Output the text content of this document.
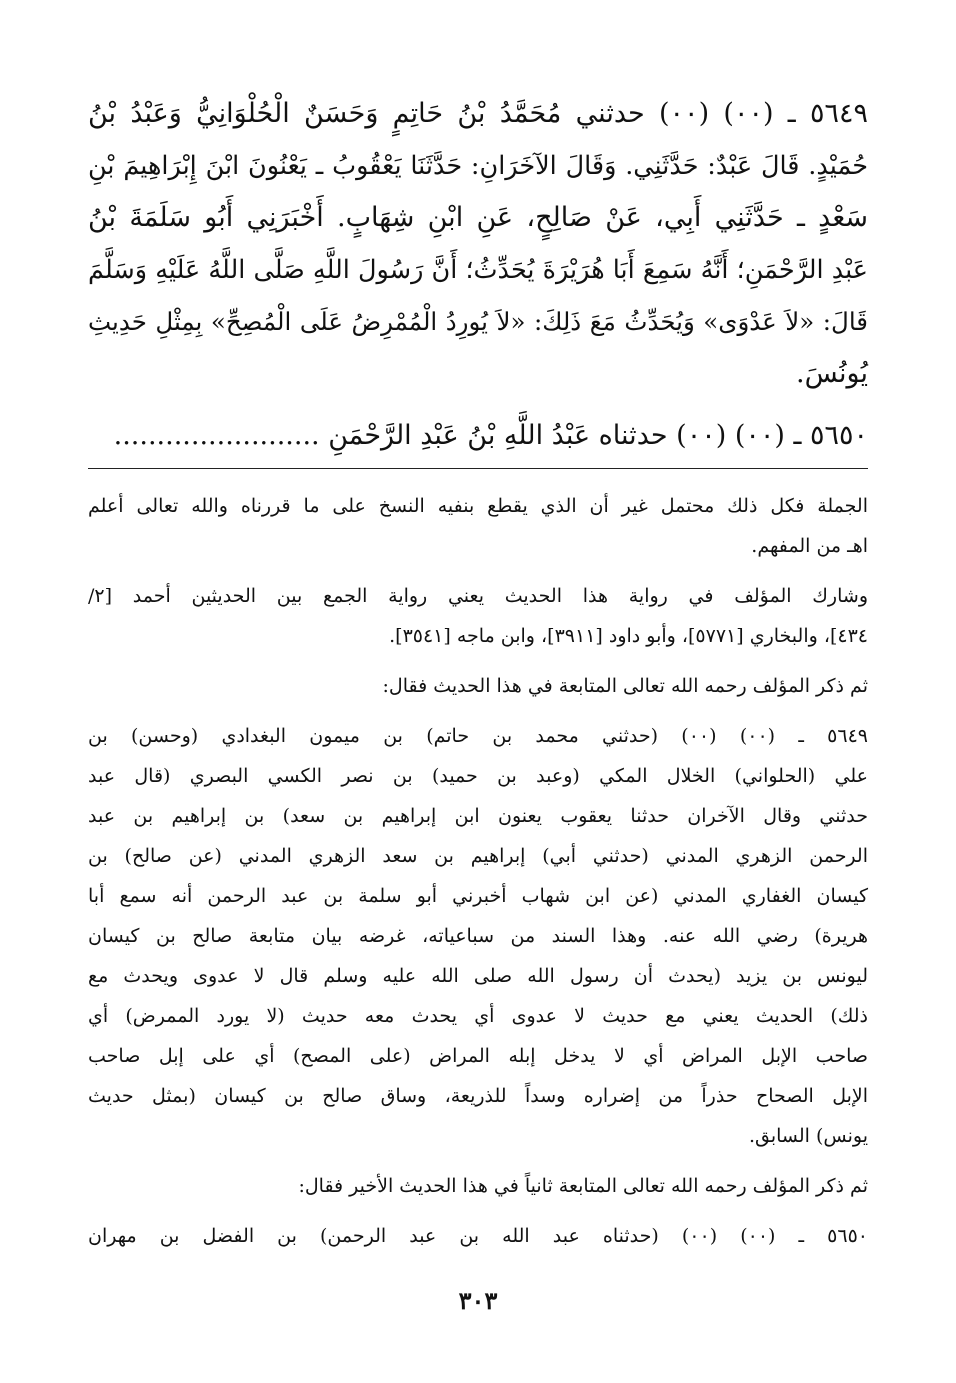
٥٦٤٩ ـ (٠٠) (٠٠) حدثني مُحَمَّدُ بْنُ حَاتِمٍ وَحَسَنٌ الْحُلْوَانِيُّ وَعَبْدُ بْنُ
حُمَيْدٍ. قَالَ عَبْدٌ: حَدَّثَنِي. وَقَالَ الآخَرَانِ: حَدَّثَنَا يَعْقُوبُ ـ يَعْنُونَ ابْنَ إِبْرَاهِيمَ بْنِ
سَعْدٍ ـ حَدَّثَنِي أَبِي، عَنْ صَالِحٍ، عَنِ ابْنِ شِهَابٍ. أَخْبَرَنِي أَبُو سَلَمَةَ بْنُ
عَبْدِ الرَّحْمَنِ؛ أَنَّهُ سَمِعَ أَبَا هُرَيْرَةَ يُحَدِّثُ؛ أَنَّ رَسُولَ اللَّهِ صَلَّى اللَّهُ عَلَيْهِ وَسَلَّمَ
قَالَ: «لاَ عَدْوَى» وَيُحَدِّثُ مَعَ ذَلِكَ: «لاَ يُورِدُ الْمُمْرِضُ عَلَى الْمُصِحِّ» بِمِثْلِ حَدِيثِ
يُونُسَ.
٥٦٥٠ ـ (٠٠) (٠٠) حدثناه عَبْدُ اللَّهِ بْنُ عَبْدِ الرَّحْمَنِ ........................
الجملة فكل ذلك محتمل غير أن الذي يقطع بنفيه النسخ على ما قررناه والله تعالى أعلم
اهـ من المفهم.
وشارك المؤلف في رواية هذا الحديث يعني رواية الجمع بين الحديثين أحمد [٢/
٤٣٤]، والبخاري [٥٧٧١]، وأبو داود [٣٩١١]، وابن ماجه [٣٥٤١].
ثم ذكر المؤلف رحمه الله تعالى المتابعة في هذا الحديث فقال:
٥٦٤٩ ـ (٠٠) (٠٠) (حدثني محمد بن حاتم) بن ميمون البغدادي (وحسن) بن
علي (الحلواني) الخلال المكي (وعبد بن حميد) بن نصر الكسي البصري (قال عبد
حدثني وقال الآخران حدثنا يعقوب يعنون ابن إبراهيم بن سعد) بن إبراهيم بن عبد
الرحمن الزهري المدني (حدثني أبي) إبراهيم بن سعد الزهري المدني (عن صالح) بن
كيسان الغفاري المدني (عن ابن شهاب أخبرني أبو سلمة بن عبد الرحمن أنه سمع أبا
هريرة) رضي الله عنه. وهذا السند من سباعياته، غرضه بيان متابعة صالح بن كيسان
ليونس بن يزيد (يحدث أن رسول الله صلى الله عليه وسلم قال لا عدوى ويحدث مع
ذلك) الحديث يعني مع حديث لا عدوى أي يحدث معه حديث (لا يورد الممرض) أي
صاحب الإبل المراض أي لا يدخل إبله المراض (على المصح) أي على إبل صاحب
الإبل الصحاح حذراً من إضراره وسداً للذريعة، وساق صالح بن كيسان (بمثل حديث
يونس) السابق.
ثم ذكر المؤلف رحمه الله تعالى المتابعة ثانياً في هذا الحديث الأخير فقال:
٥٦٥٠ ـ (٠٠) (٠٠) (حدثناه عبد الله بن عبد الرحمن) بن الفضل بن مهران
٣٠٣
